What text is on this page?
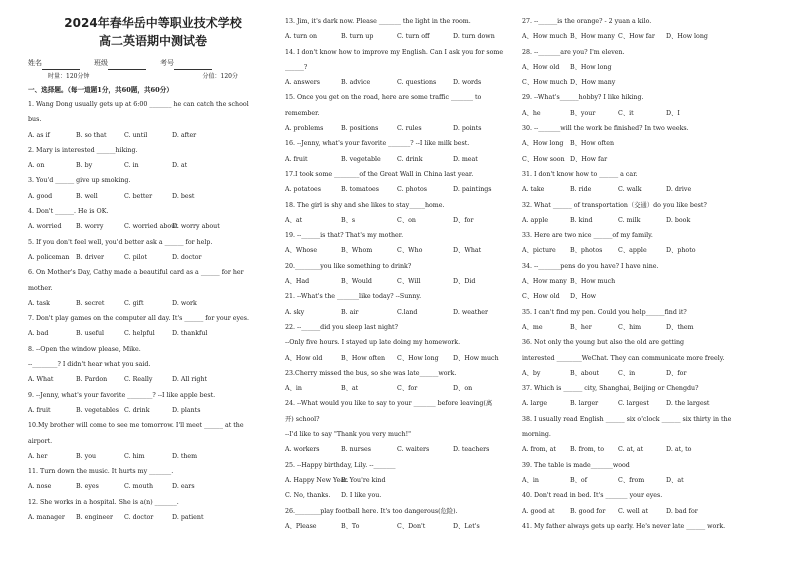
2024年春华岳中等职业技术学校
高二英语期中测试卷
姓名	班级	考号
时量：120分钟	分值：120分
一、选择题。（每一道题1分，共60题，共60分）
1. Wang Dong usually gets up at 6:00 _______ he can catch the school
bus.
A. as if	B. so that	C. until	D. after
2. Mary is interested ______hiking.
A. on	B. by	C. in	D. at
3. You'd ______ give up smoking.
A. good	B. well	C. better	D. best
4. Don't ______. He is OK.
A. worried	B. worry	C. worried about
D. worry about
5. If you don't feel well, you'd better ask a ______ for help.
A. policeman	B. driver	C. pilot	D. doctor
6. On Mother's Day, Cathy made a beautiful card as a ______ for her
mother.
A. task	B. secret	C. gift	D. work
7. Don't play games on the computer all day. It's ______ for your eyes.
A. bad	B. useful	C. helpful	D. thankful
8. --Open the window please, Mike.
--________? I didn't hear what you said.
A. What	B. Pardon	C. Really	D. All right
9. --Jenny, what's your favorite ________? --I like apple best.
A. fruit	B. vegetables C. drink	D. plants
10.My brother will come to see me tomorrow. I'll meet ______ at the
airport.
A. her	B. you	C. him	D. them
11. Turn down the music. It hurts my _______.
A. nose	B. eyes	C. mouth	D. ears
12. She works in a hospital. She is a(n) _______.
A. manager	B. engineer	C. doctor	D. patient
13. Jim, it's dark now. Please _______ the light in the room.
A. turn on	B. turn up	C. turn off	D. turn down
14. I don't know how to improve my English. Can I ask you for some
______?
A. answers	B. advice	C. questions	D. words
15. Once you get on the road, here are some traffic _______ to
remember.
A. problems	B. positions	C. rules	D. points
16. --Jenny, what's your favorite _______? --I like milk best.
A. fruit	B. vegetable	C. drink	D. meat
17.I took some ________of the Great Wall in China last year.
A. potatoes	B. tomatoes	C. photos	D. paintings
18. The girl is shy and she likes to stay_____home.
A、at	B、s	C、on	D、for
19. --______is that? That's my mother.
A、Whose	B、Whom	C、Who	D、What
20.________you like something to drink?
A、Had	B、Would	C、Will	D、Did
21. --What's the _______like today? --Sunny.
A. sky	B. air	C.land	D. weather
22. --______did you sleep last night?
--Only five hours. I stayed up late doing my homework.
A、How old	B、How often	C、How long	D、How much
23.Cherry missed the bus, so she was late______work.
A、in	B、at	C、for	D、on
24. --What would you like to say to your _______ before leaving(离
开) school?
--I'd like to say "Thank you very much!"
A. workers	B. nurses	C. waiters	D. teachers
25. --Happy birthday, Lily. --_______
A. Happy New Year.
B. You're kind
C. No, thanks.	D. I like you.
26.________play football here. It's too dangerous(危险).
A、Please	B、To	C、Don't	D、Let's
27. --______is the orange? - 2 yuan a kilo.
A、How much B、How many C、How far	D、How long
28. --_______are you? I'm eleven.
A、How old	B、How long
C、How much D、How many
29. --What's______hobby? I like hiking.
A、he	B、your	C、it	D、I
30. --_______will the work be finished? In two weeks.
A、How long	B、How often
C、How soon D、How far
31. I don't know how to ______ a car.
A. take	B. ride	C. walk	D. drive
32. What ______ of transportation（交通）do you like best?
A. apple	B. kind	C. milk	D. book
33. Here are two nice ______of my family.
A、picture	B、photos	C、apple	D、photo
34. --_______pens do you have? I have nine.
A、How many B、How much
C、How old	D、How
35. I can't find my pen. Could you help______find it?
A、me	B、her	C、him	D、them
36. Not only the young but also the old are getting
interested ________WeChat. They can communicate more freely.
A、by	B、about	C、in	D、for
37. Which is ______ city, Shanghai, Beijing or Chengdu?
A. large	B. larger	C. largest	D. the largest
38. I usually read English ______ six o'clock ______ six thirty in the
morning.
A. from, at	B. from, to	C. at, at	D. at, to
39. The table is made_______wood
A、in	B、of	C、from	D、at
40. Don't read in bed. It's _______ your eyes.
A. good at	B. good for	C. well at	D. bad for
41. My father always gets up early. He's never late ______ work.
